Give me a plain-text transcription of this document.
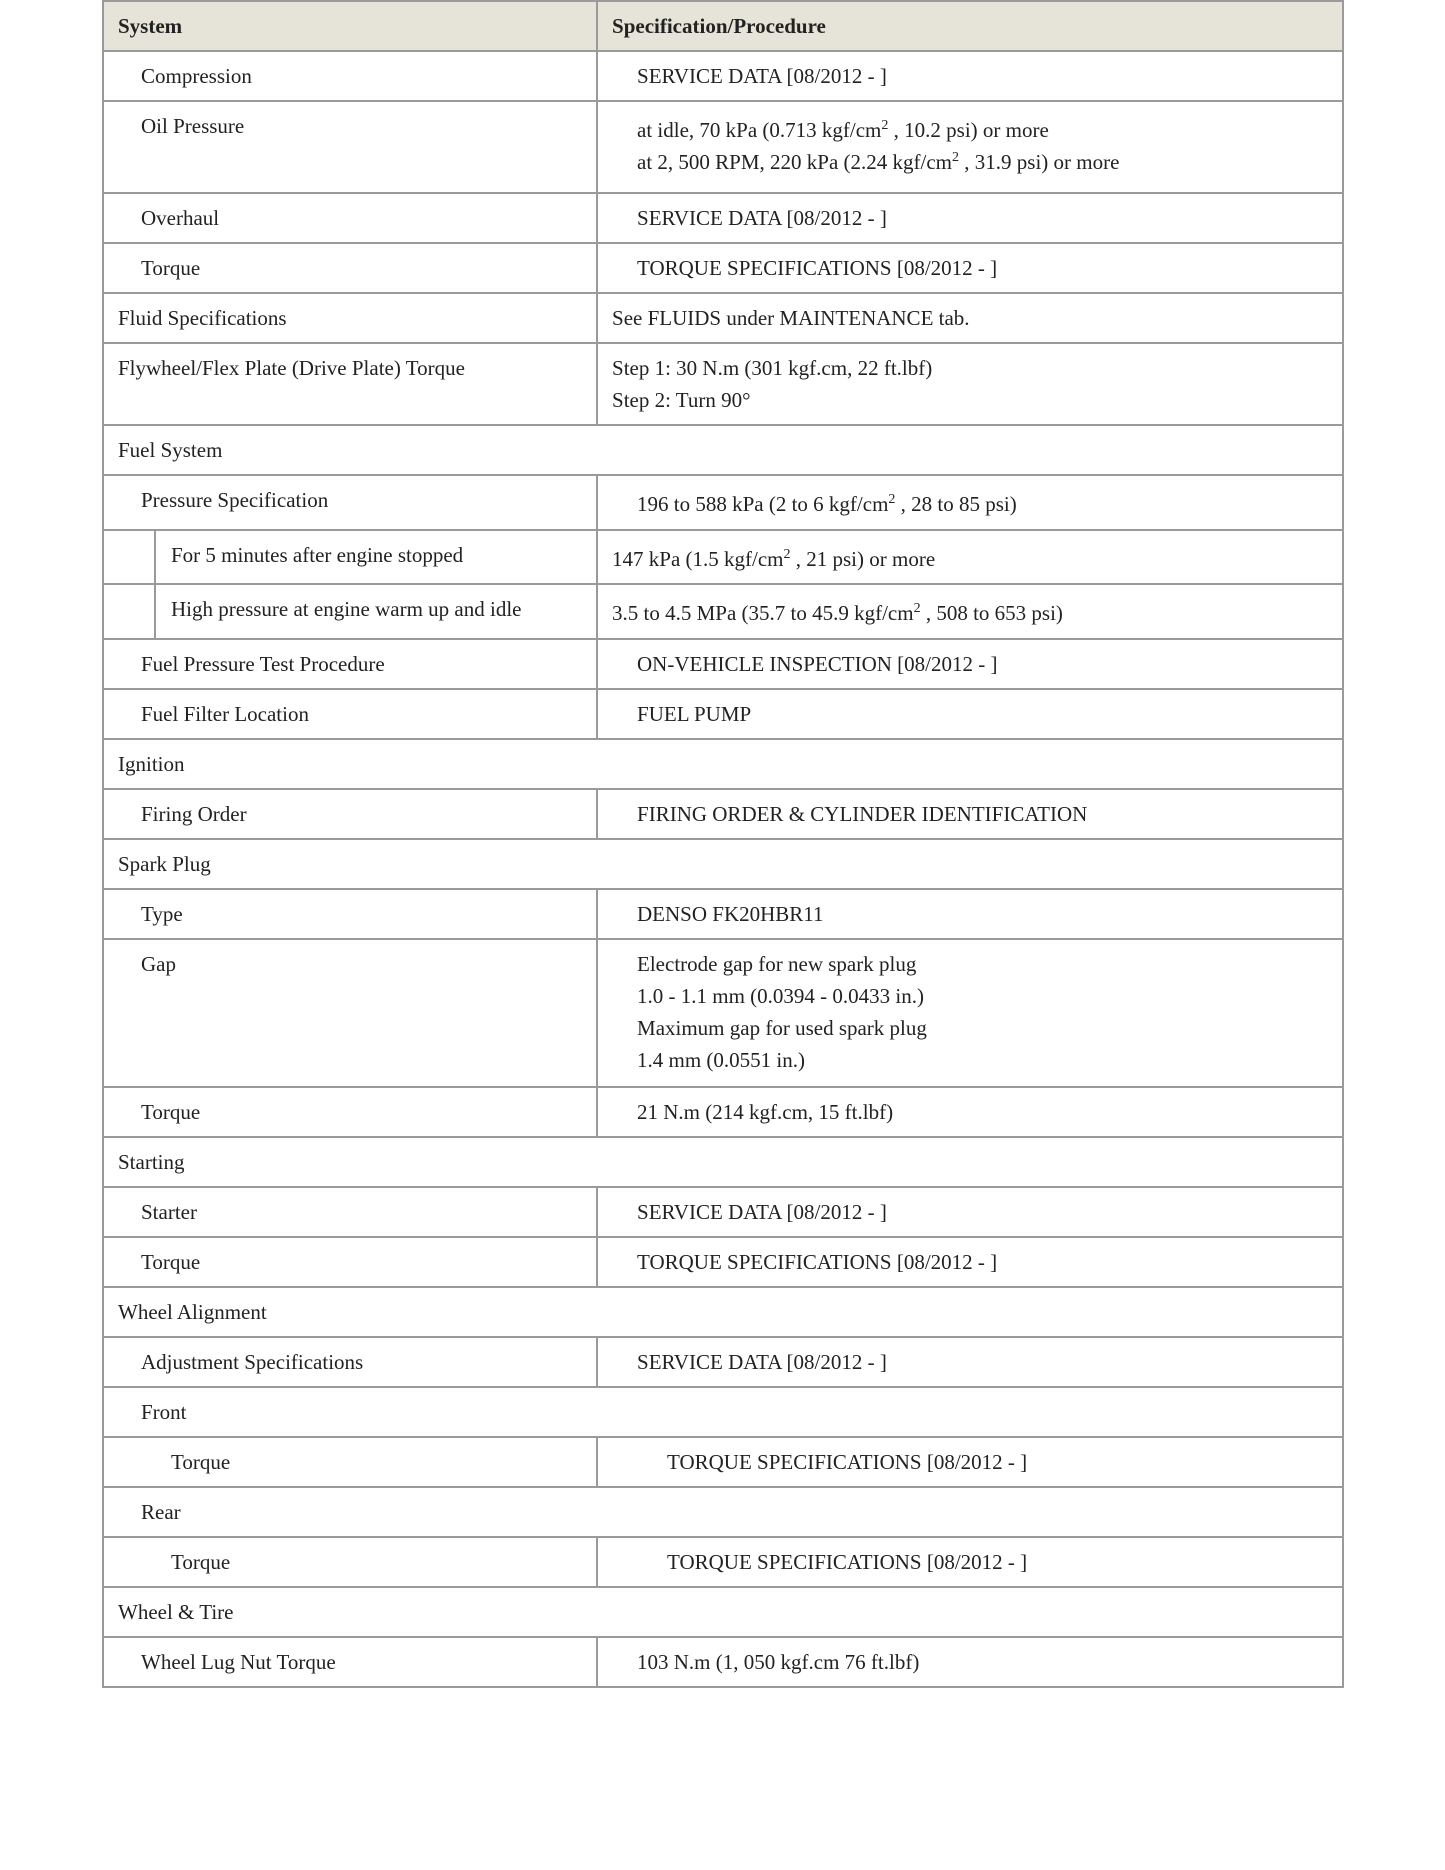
System		Specification/Procedure
Compression		SERVICE DATA [08/2012 - ]
Oil Pressure		at idle, 70 kPa (0.713 kgf/$cm^2$ , 10.2 psi) or more
at 2, 500 RPM, 220 kPa (2.24 kgf/$cm^2$ , 31.9 psi) or more

Overhaul		SERVICE DATA [08/2012 - ]
Torque		TORQUE SPECIFICATIONS [08/2012 - ]
Fluid Specifications		See FLUIDS under MAINTENANCE tab.
Flywheel/Flex Plate (Drive Plate) Torque		Step 1: 30 N.m (301 kgf.cm, 22 ft.lbf)
Step 2: Turn 90°

Fuel System		
Pressure Specification		196 to 588 kPa (2 to 6 kgf/$cm^2$ , 28 to 85 psi)
	For 5 minutes after engine stopped	147 kPa (1.5 kgf/$cm^2$ , 21 psi) or more
	High pressure at engine warm up and idle	3.5 to 4.5 MPa (35.7 to 45.9 kgf/$cm^2$ , 508 to 653 psi)
Fuel Pressure Test Procedure		ON-VEHICLE INSPECTION [08/2012 - ]
Fuel Filter Location		FUEL PUMP
Ignition		
Firing Order		FIRING ORDER & CYLINDER IDENTIFICATION
Spark Plug		
Type		DENSO FK20HBR11
Gap		Electrode gap for new spark plug
1.0 - 1.1 mm (0.0394 - 0.0433 in.)
Maximum gap for used spark plug
1.4 mm (0.0551 in.)

Torque		21 N.m (214 kgf.cm, 15 ft.lbf)
Starting		
Starter		SERVICE DATA [08/2012 - ]
Torque		TORQUE SPECIFICATIONS [08/2012 - ]
Wheel Alignment		
Adjustment Specifications		SERVICE DATA [08/2012 - ]
Front		
Torque		TORQUE SPECIFICATIONS [08/2012 - ]
Rear		
Torque		TORQUE SPECIFICATIONS [08/2012 - ]
Wheel & Tire		
Wheel Lug Nut Torque		103 N.m (1, 050 kgf.cm 76 ft.lbf)
